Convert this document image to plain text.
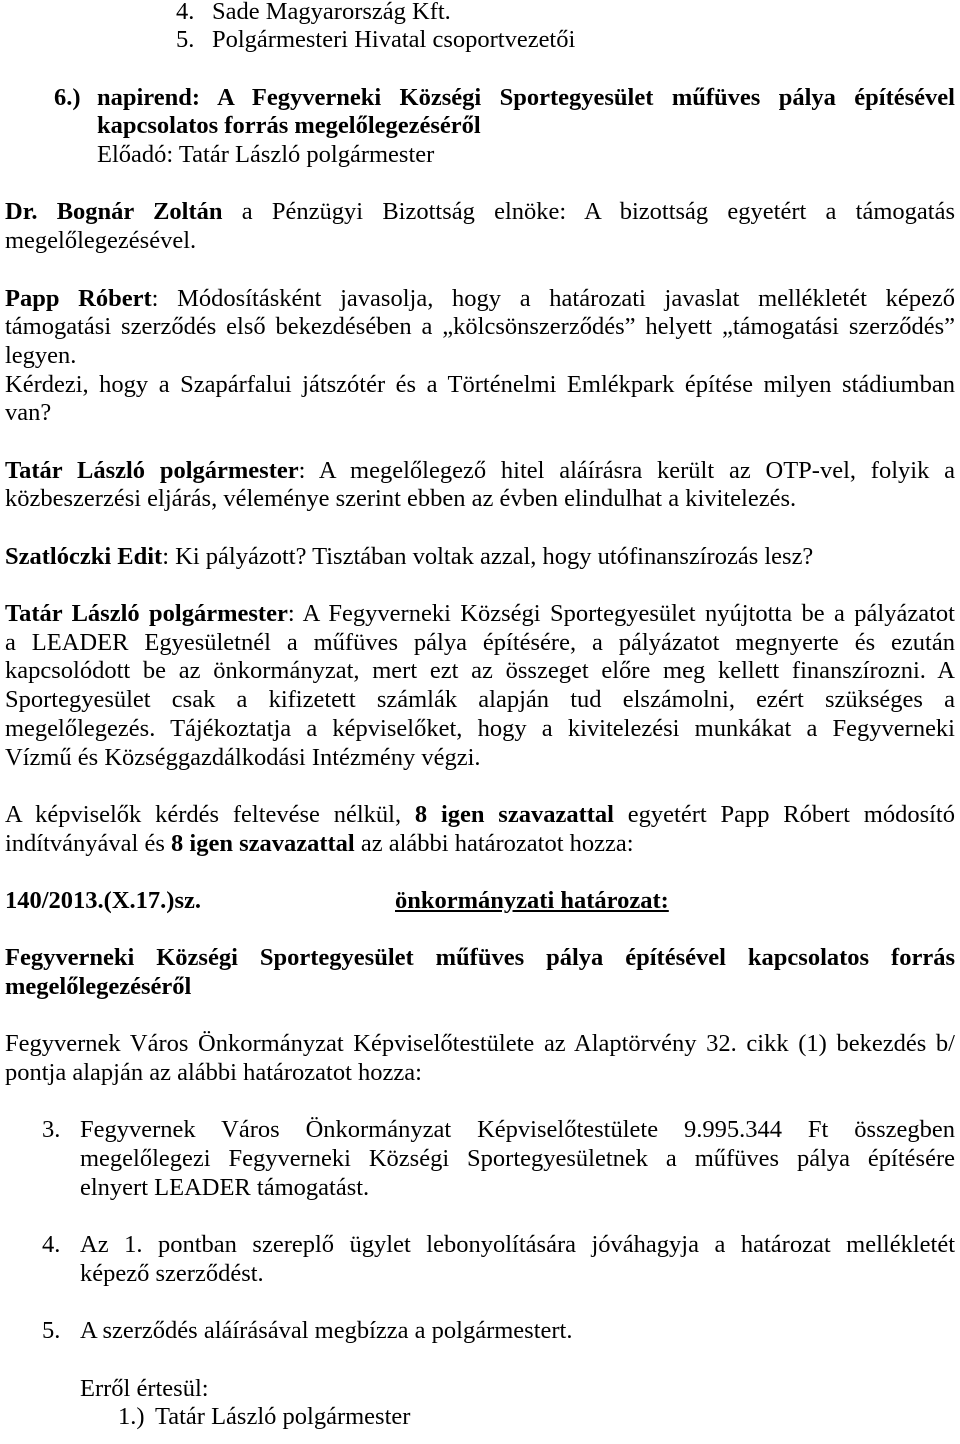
4. Sade Magyarország Kft.
5. Polgármesteri Hivatal csoportvezetői
6.) napirend: A Fegyverneki Községi Sportegyesület műfüves pálya építésével
kapcsolatos forrás megelőlegezéséről
Előadó: Tatár László polgármester
Dr. Bognár Zoltán a Pénzügyi Bizottság elnöke: A bizottság egyetért a támogatás
megelőlegezésével.
Papp Róbert: Módosításként javasolja, hogy a határozati javaslat mellékletét képező
támogatási szerződés első bekezdésében a „kölcsönszerződés” helyett „támogatási szerződés”
legyen.
Kérdezi, hogy a Szapárfalui játszótér és a Történelmi Emlékpark építése milyen stádiumban
van?
Tatár László polgármester: A megelőlegező hitel aláírásra került az OTP-vel, folyik a
közbeszerzési eljárás, véleménye szerint ebben az évben elindulhat a kivitelezés.
Szatlóczki Edit: Ki pályázott? Tisztában voltak azzal, hogy utófinanszírozás lesz?
Tatár László polgármester: A Fegyverneki Községi Sportegyesület nyújtotta be a pályázatot
a LEADER Egyesületnél a műfüves pálya építésére, a pályázatot megnyerte és ezután
kapcsolódott be az önkormányzat, mert ezt az összeget előre meg kellett finanszírozni. A
Sportegyesület csak a kifizetett számlák alapján tud elszámolni, ezért szükséges a
megelőlegezés. Tájékoztatja a képviselőket, hogy a kivitelezési munkákat a Fegyverneki
Vízmű és Községgazdálkodási Intézmény végzi.
A képviselők kérdés feltevése nélkül, 8 igen szavazattal egyetért Papp Róbert módosító
indítványával és 8 igen szavazattal az alábbi határozatot hozza:
140/2013.(X.17.)sz.	önkormányzati határozat:
Fegyverneki Községi Sportegyesület műfüves pálya építésével kapcsolatos forrás
megelőlegezéséről
Fegyvernek Város Önkormányzat Képviselőtestülete az Alaptörvény 32. cikk (1) bekezdés b/
pontja alapján az alábbi határozatot hozza:
3. Fegyvernek Város Önkormányzat Képviselőtestülete 9.995.344 Ft összegben
megelőlegezi Fegyverneki Községi Sportegyesületnek a műfüves pálya építésére
elnyert LEADER támogatást.
4. Az 1. pontban szereplő ügylet lebonyolítására jóváhagyja a határozat mellékletét
képező szerződést.
5. A szerződés aláírásával megbízza a polgármestert.
Erről értesül:
1.) Tatár László polgármester
